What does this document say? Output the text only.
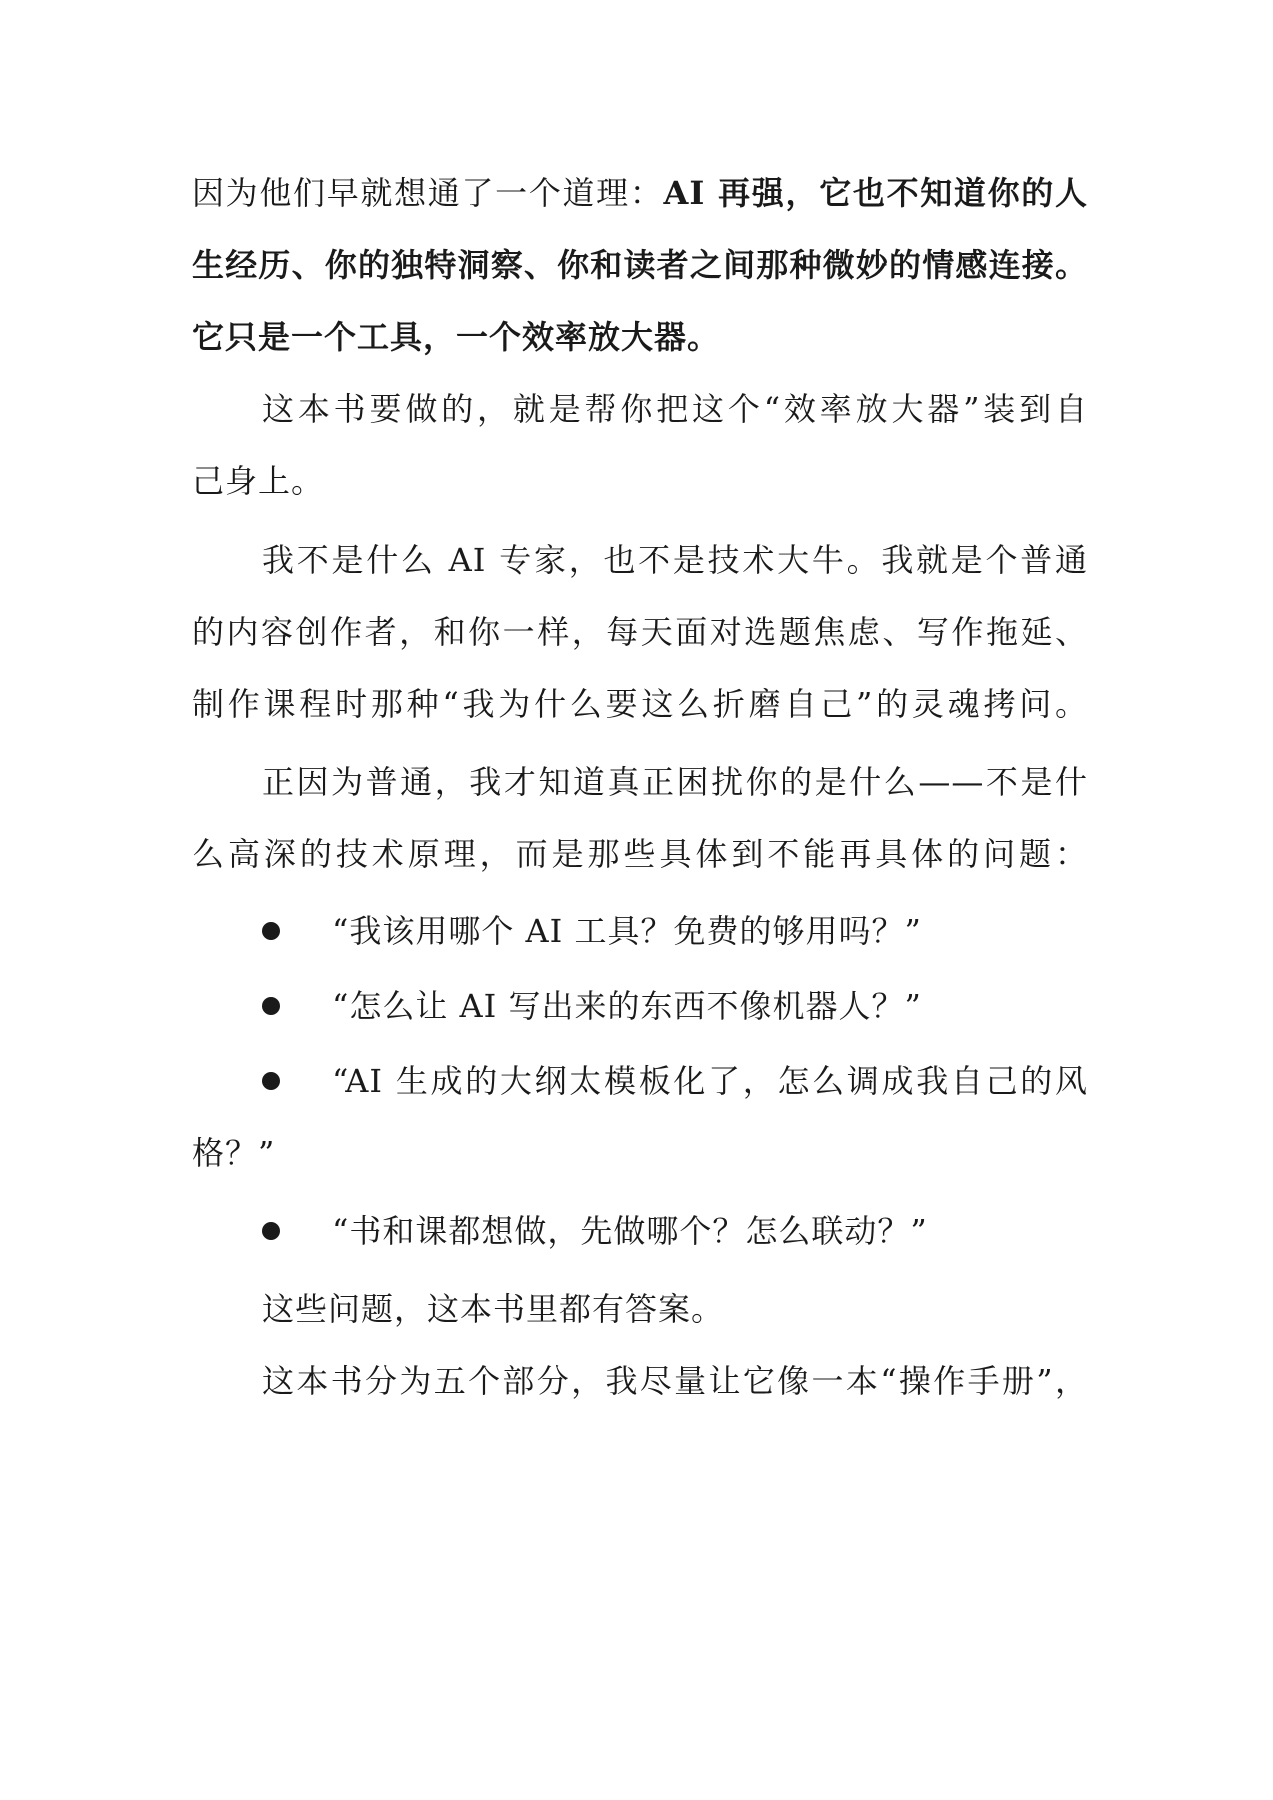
因为他们早就想通了一个道理：AI 再强，它也不知道你的人
生经历、你的独特洞察、你和读者之间那种微妙的情感连接。
它只是一个工具，一个效率放大器。
这本书要做的，就是帮你把这个“效率放大器”装到自
己身上。
我不是什么 AI 专家，也不是技术大牛。我就是个普通
的内容创作者，和你一样，每天面对选题焦虑、写作拖延、
制作课程时那种“我为什么要这么折磨自己”的灵魂拷问。
正因为普通，我才知道真正困扰你的是什么——不是什
么高深的技术原理，而是那些具体到不能再具体的问题：
“我该用哪个 AI 工具？免费的够用吗？”
“怎么让 AI 写出来的东西不像机器人？”
“AI 生成的大纲太模板化了，怎么调成我自己的风
格？”
“书和课都想做，先做哪个？怎么联动？”
这些问题，这本书里都有答案。
这本书分为五个部分，我尽量让它像一本“操作手册”，
